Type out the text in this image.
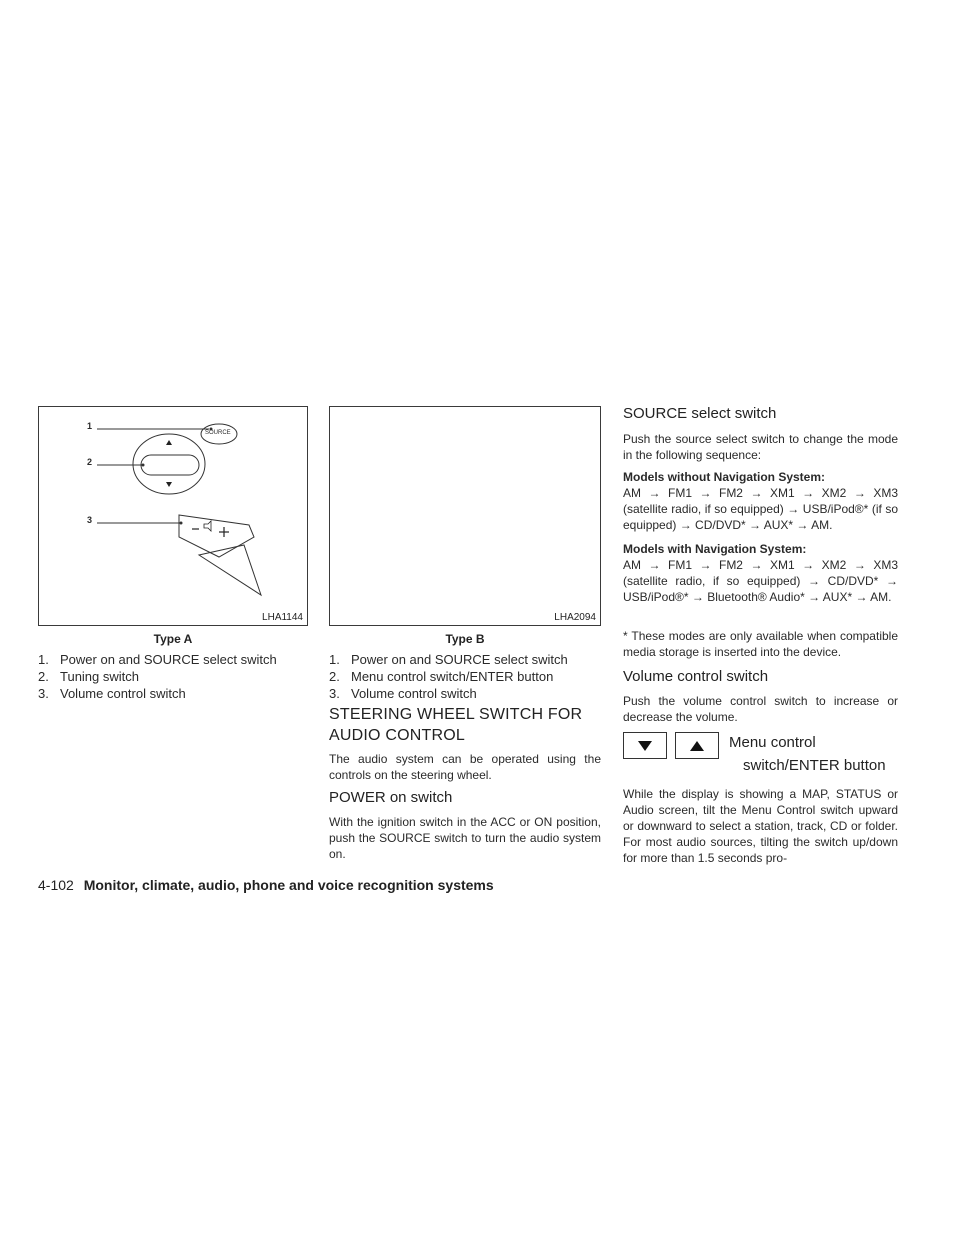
1
2
3
SOURCE
LHA1144
Type A
1. Power on and SOURCE select switch
2. Tuning switch
3. Volume control switch
LHA2094
Type B
1. Power on and SOURCE select switch
2. Menu control switch/ENTER button
3. Volume control switch
STEERING WHEEL SWITCH FOR
AUDIO CONTROL

The audio system can be operated using the controls on the steering wheel.

POWER on switch

With the ignition switch in the ACC or ON position, push the SOURCE switch to turn the audio system on.

SOURCE select switch

Push the source select switch to change the mode in the following sequence:

Models without Navigation System:

AM → FM1 → FM2 → XM1 → XM2 → XM3 (satellite radio, if so equipped) → USB/iPod®* (if so equipped) → CD/DVD* → AUX* → AM.

Models with Navigation System:

AM → FM1 → FM2 → XM1 → XM2 → XM3 (satellite radio, if so equipped) → CD/DVD* → USB/iPod®* → Bluetooth® Audio* → AUX* → AM.

* These modes are only available when compatible media storage is inserted into the device.

Volume control switch

Push the volume control switch to increase or decrease the volume.

Menu control
switch/ENTER button

While the display is showing a MAP, STATUS or Audio screen, tilt the Menu Control switch upward or downward to select a station, track, CD or folder. For most audio sources, tilting the switch up/down for more than 1.5 seconds pro-

4-102 Monitor, climate, audio, phone and voice recognition systems
